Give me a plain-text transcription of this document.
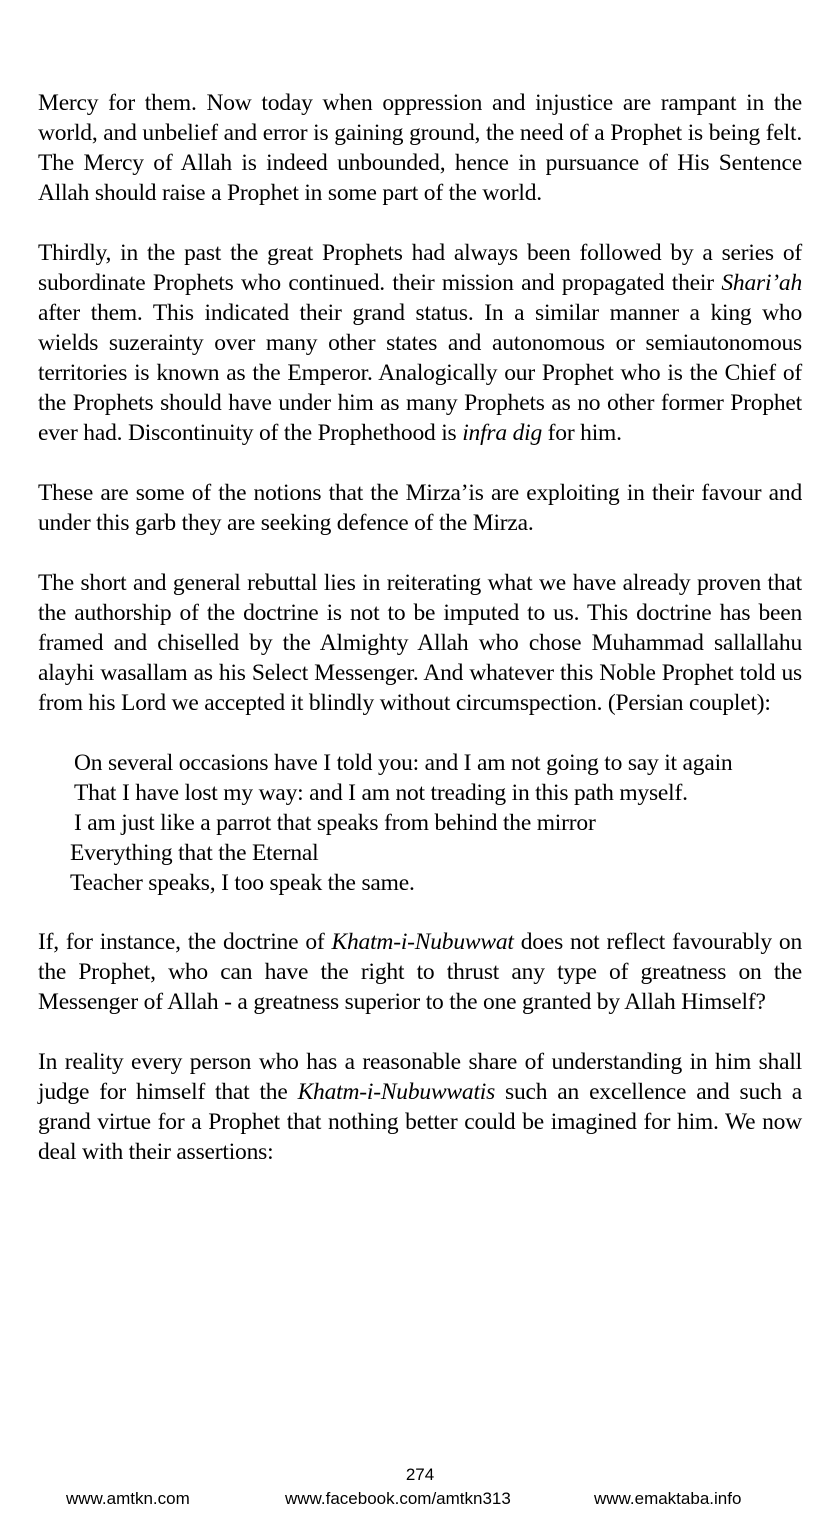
Mercy for them. Now today when oppression and injustice are rampant in the world, and unbelief and error is gaining ground, the need of a Prophet is being felt. The Mercy of Allah is indeed unbounded, hence in pursuance of His Sentence Allah should raise a Prophet in some part of the world.

Thirdly, in the past the great Prophets had always been followed by a series of subordinate Prophets who continued. their mission and propagated their Shari’ah after them. This indicated their grand status. In a similar manner a king who wields suzerainty over many other states and autonomous or semiautonomous territories is known as the Emperor. Analogically our Prophet who is the Chief of the Prophets should have under him as many Prophets as no other former Prophet ever had. Discontinuity of the Prophethood is infra dig for him.

These are some of the notions that the Mirza’is are exploiting in their favour and under this garb they are seeking defence of the Mirza.

The short and general rebuttal lies in reiterating what we have already proven that the authorship of the doctrine is not to be imputed to us. This doctrine has been framed and chiselled by the Almighty Allah who chose Muhammad sallallahu alayhi wasallam as his Select Messenger. And whatever this Noble Prophet told us from his Lord we accepted it blindly without circumspection. (Persian couplet):

On several occasions have I told you: and I am not going to say it again
That I have lost my way: and I am not treading in this path myself.
I am just like a parrot that speaks from behind the mirror
Everything that the Eternal
Teacher speaks, I too speak the same.

If, for instance, the doctrine of Khatm-i-Nubuwwat does not reflect favourably on the Prophet, who can have the right to thrust any type of greatness on the Messenger of Allah - a greatness superior to the one granted by Allah Himself?

In reality every person who has a reasonable share of understanding in him shall judge for himself that the Khatm-i-Nubuwwatis such an excellence and such a grand virtue for a Prophet that nothing better could be imagined for him. We now deal with their assertions:

274
www.amtkn.com	www.facebook.com/amtkn313	www.emaktaba.info
